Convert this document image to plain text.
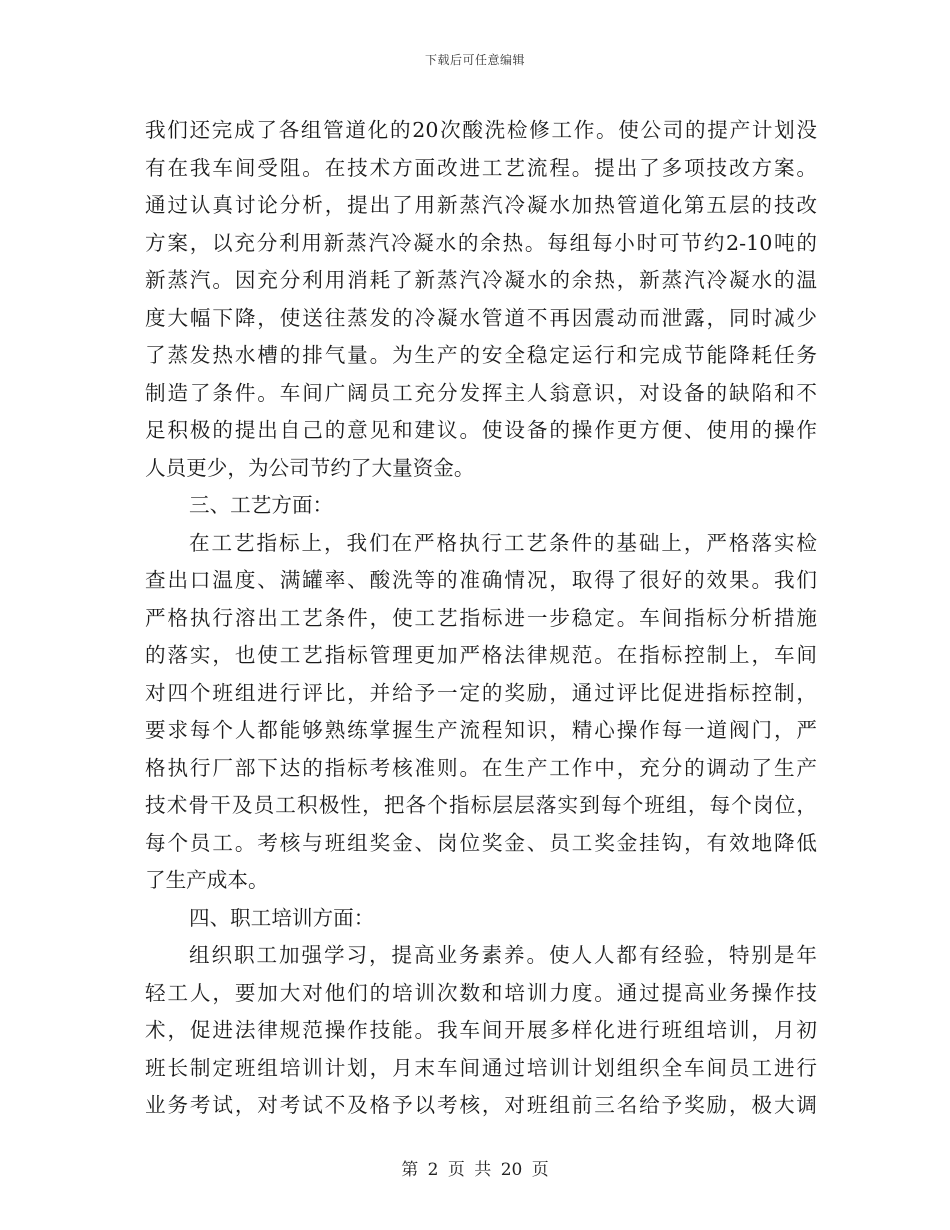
下载后可任意编辑
我们还完成了各组管道化的20次酸洗检修工作。使公司的提产计划没
有在我车间受阻。在技术方面改进工艺流程。提出了多项技改方案。
通过认真讨论分析，提出了用新蒸汽冷凝水加热管道化第五层的技改
方案，以充分利用新蒸汽冷凝水的余热。每组每小时可节约2-10吨的
新蒸汽。因充分利用消耗了新蒸汽冷凝水的余热，新蒸汽冷凝水的温
度大幅下降，使送往蒸发的冷凝水管道不再因震动而泄露，同时减少
了蒸发热水槽的排气量。为生产的安全稳定运行和完成节能降耗任务
制造了条件。车间广阔员工充分发挥主人翁意识，对设备的缺陷和不
足积极的提出自己的意见和建议。使设备的操作更方便、使用的操作
人员更少，为公司节约了大量资金。
三、工艺方面：
在工艺指标上，我们在严格执行工艺条件的基础上，严格落实检
查出口温度、满罐率、酸洗等的准确情况，取得了很好的效果。我们
严格执行溶出工艺条件，使工艺指标进一步稳定。车间指标分析措施
的落实，也使工艺指标管理更加严格法律规范。在指标控制上，车间
对四个班组进行评比，并给予一定的奖励，通过评比促进指标控制，
要求每个人都能够熟练掌握生产流程知识，精心操作每一道阀门，严
格执行厂部下达的指标考核准则。在生产工作中，充分的调动了生产
技术骨干及员工积极性，把各个指标层层落实到每个班组，每个岗位，
每个员工。考核与班组奖金、岗位奖金、员工奖金挂钩，有效地降低
了生产成本。
四、职工培训方面：
组织职工加强学习，提高业务素养。使人人都有经验，特别是年
轻工人，要加大对他们的培训次数和培训力度。通过提高业务操作技
术，促进法律规范操作技能。我车间开展多样化进行班组培训，月初
班长制定班组培训计划，月末车间通过培训计划组织全车间员工进行
业务考试，对考试不及格予以考核，对班组前三名给予奖励，极大调
第 2 页 共 20 页
